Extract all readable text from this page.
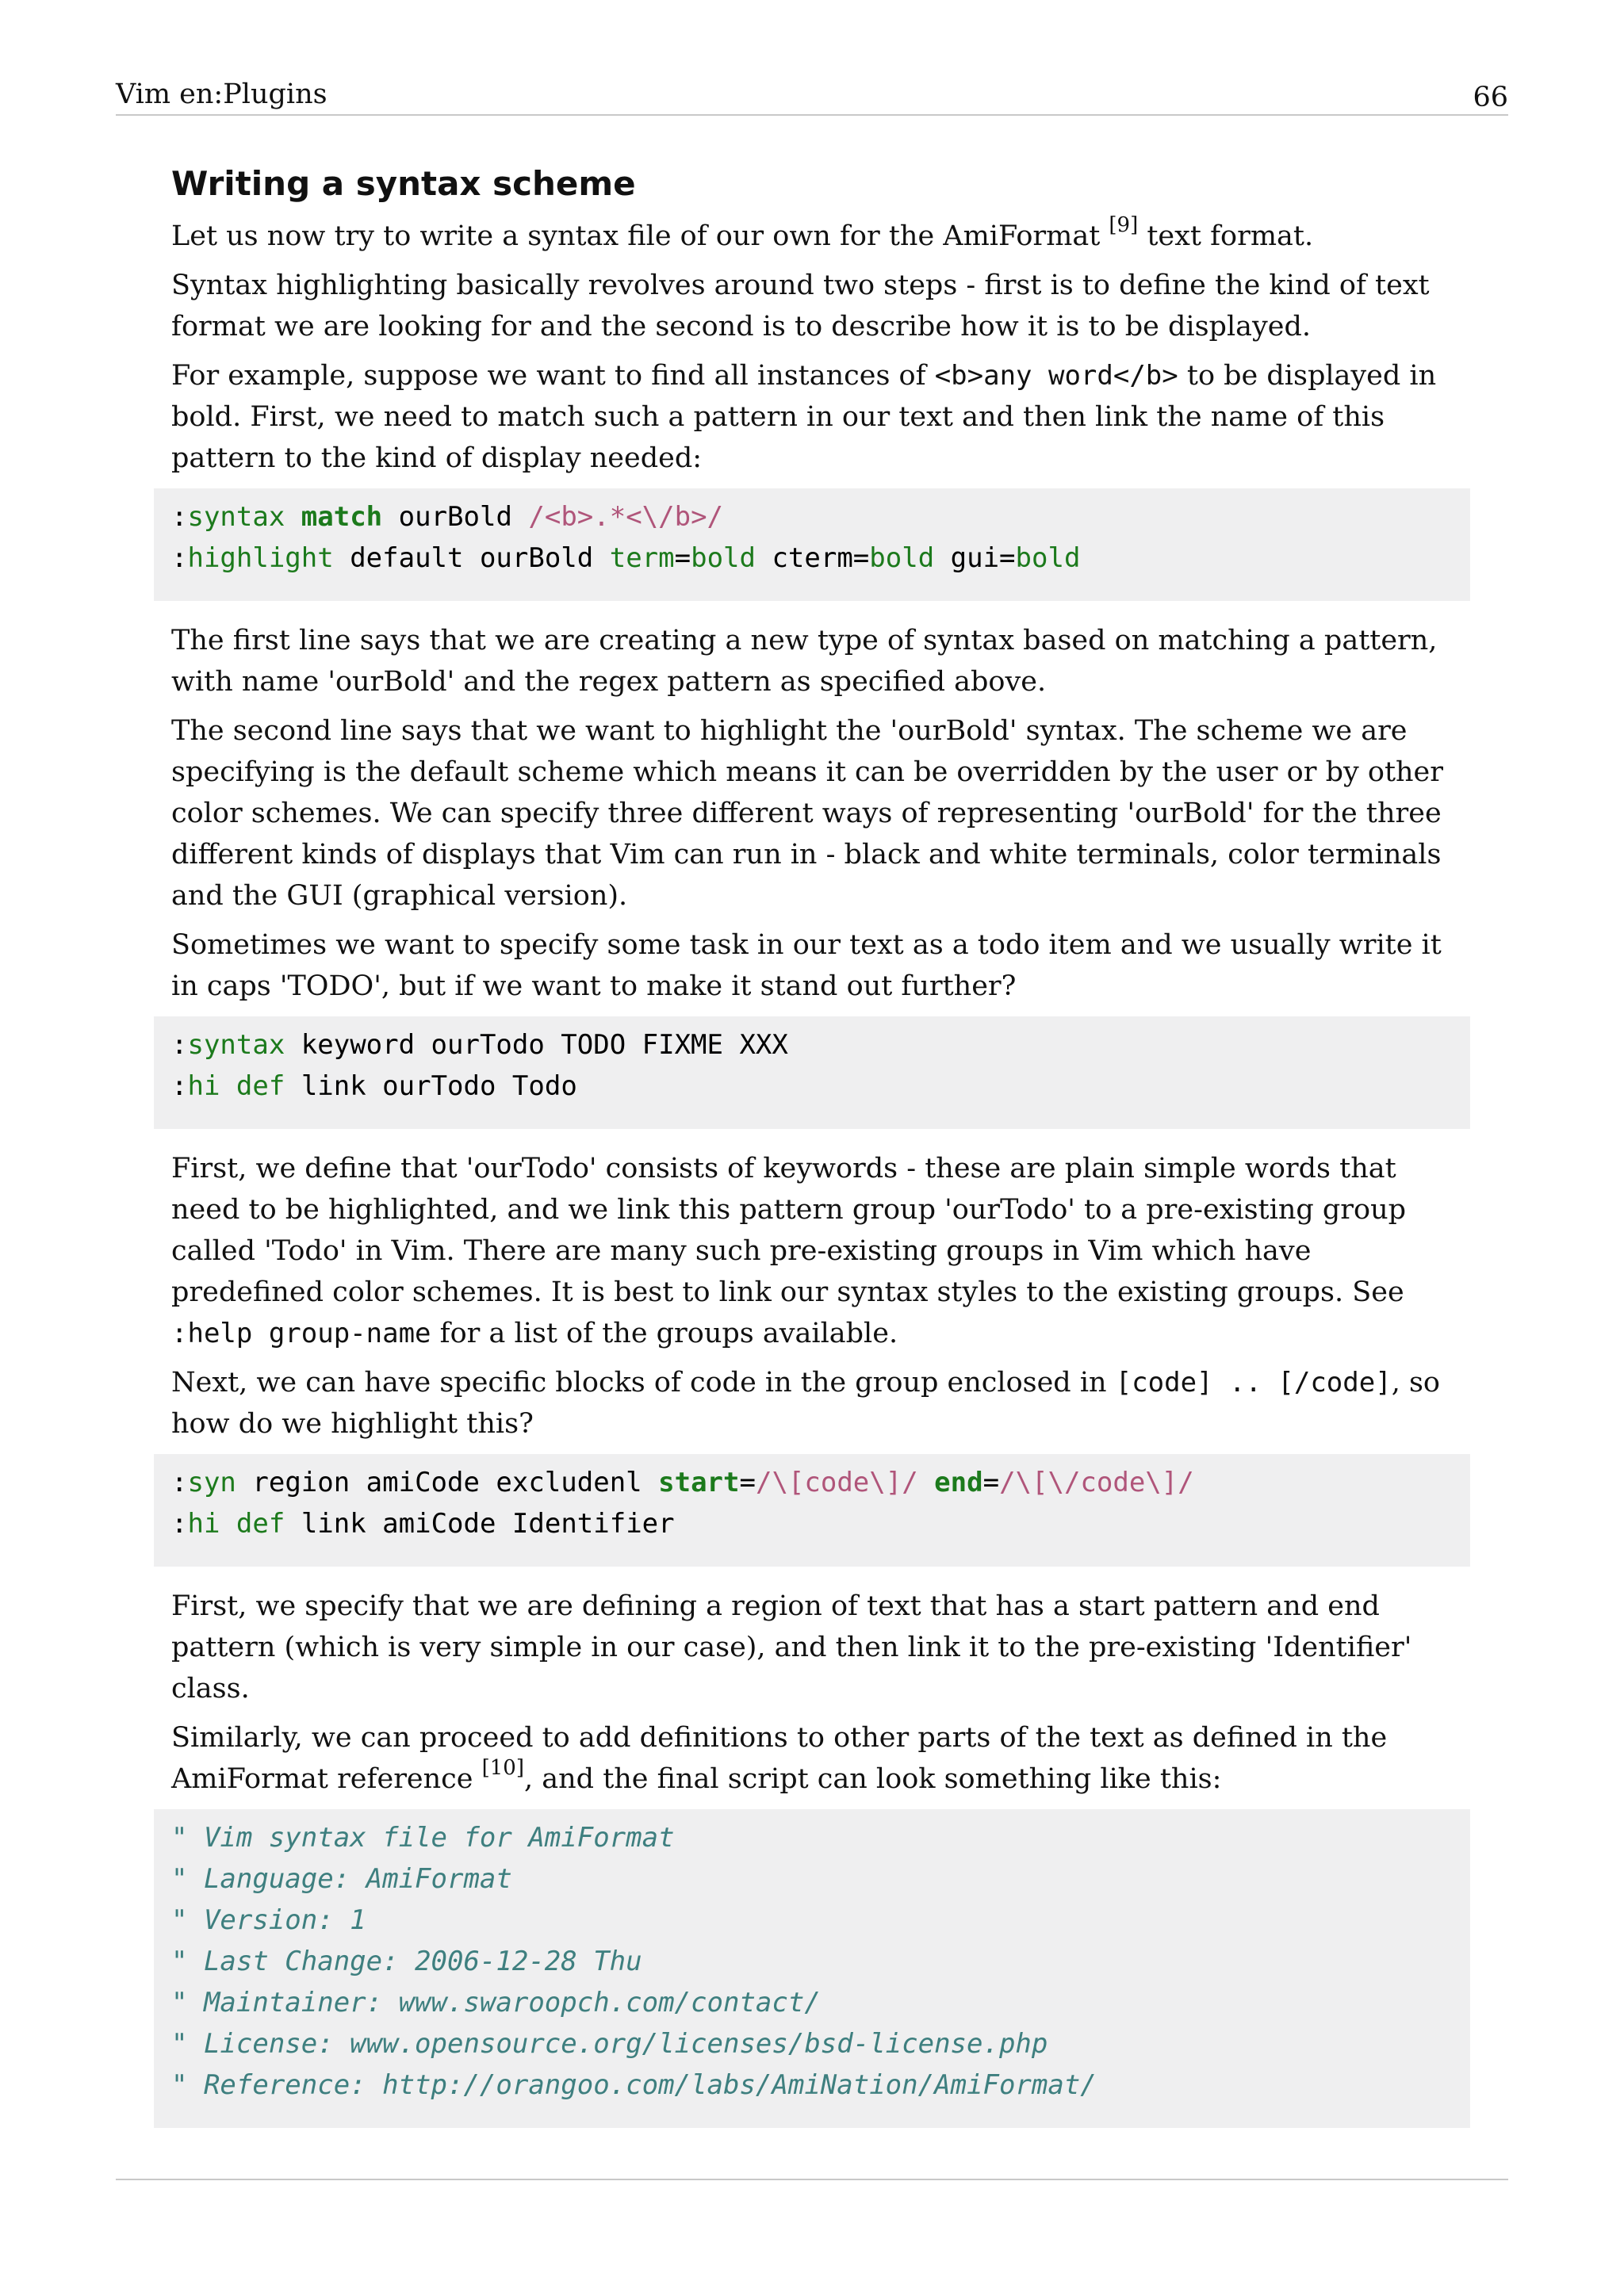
Vim en:Plugins	66
Writing a syntax scheme

Let us now try to write a syntax file of our own for the AmiFormat [9] text format.

Syntax highlighting basically revolves around two steps - first is to define the kind of text format we are looking for and the second is to describe how it is to be displayed.

For example, suppose we want to find all instances of <b>any word</b> to be displayed in bold. First, we need to match such a pattern in our text and then link the name of this pattern to the kind of display needed:

:syntax match ourBold /<b>.*<\/b>/
:highlight default ourBold term=bold cterm=bold gui=bold

The first line says that we are creating a new type of syntax based on matching a pattern, with name 'ourBold' and the regex pattern as specified above.

The second line says that we want to highlight the 'ourBold' syntax. The scheme we are specifying is the default scheme which means it can be overridden by the user or by other color schemes. We can specify three different ways of representing 'ourBold' for the three different kinds of displays that Vim can run in - black and white terminals, color terminals and the GUI (graphical version).

Sometimes we want to specify some task in our text as a todo item and we usually write it in caps 'TODO', but if we want to make it stand out further?

:syntax keyword ourTodo TODO FIXME XXX
:hi def link ourTodo Todo

First, we define that 'ourTodo' consists of keywords - these are plain simple words that need to be highlighted, and we link this pattern group 'ourTodo' to a pre-existing group called 'Todo' in Vim. There are many such pre-existing groups in Vim which have predefined color schemes. It is best to link our syntax styles to the existing groups. See :help group-name for a list of the groups available.

Next, we can have specific blocks of code in the group enclosed in [code] .. [/code], so how do we highlight this?

:syn region amiCode excludenl start=/\[code\]/ end=/\[\/code\]/
:hi def link amiCode Identifier

First, we specify that we are defining a region of text that has a start pattern and end pattern (which is very simple in our case), and then link it to the pre-existing 'Identifier' class.

Similarly, we can proceed to add definitions to other parts of the text as defined in the AmiFormat reference [10], and the final script can look something like this:

" Vim syntax file for AmiFormat
" Language: AmiFormat
" Version: 1
" Last Change: 2006-12-28 Thu
" Maintainer: www.swaroopch.com/contact/
" License: www.opensource.org/licenses/bsd-license.php
" Reference: http://orangoo.com/labs/AmiNation/AmiFormat/
